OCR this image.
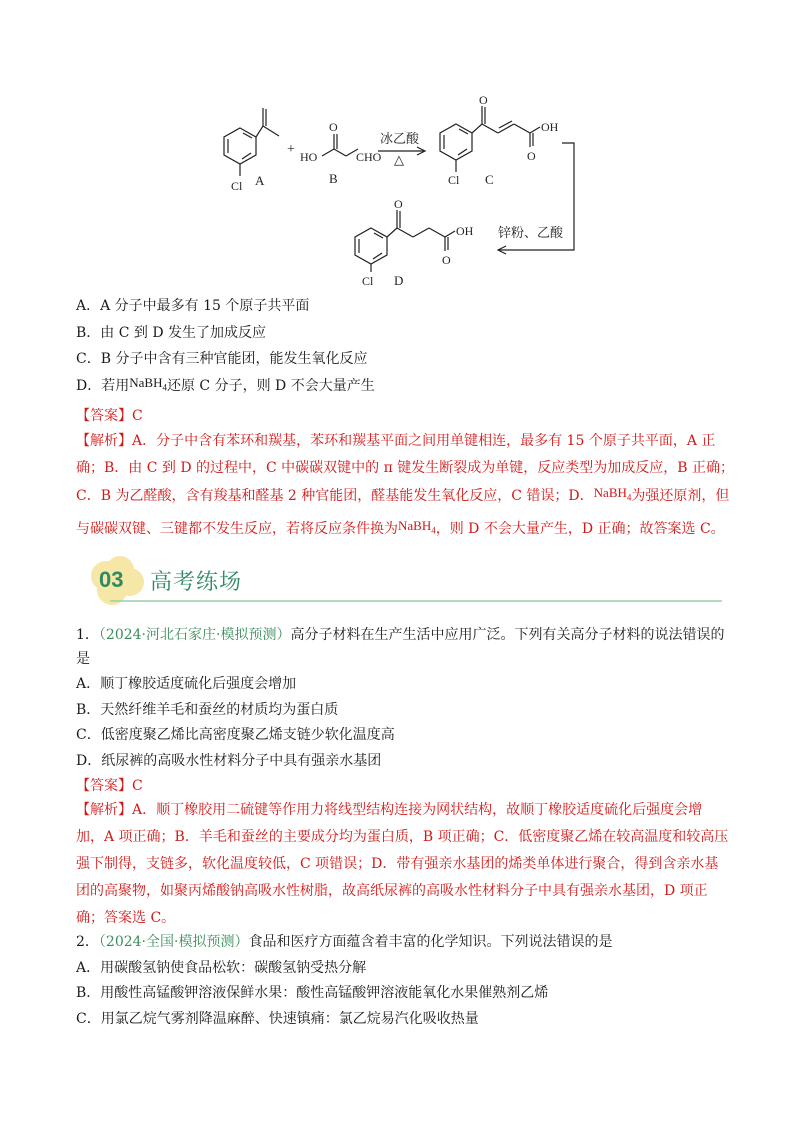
Cl
O
HO	CHO
O
O
OH
Cl
O
O
OH
Cl
A
+
B
冰乙酸
△
C
锌粉、乙酸
D
A．A 分子中最多有 15 个原子共平面
B．由 C 到 D 发生了加成反应
C．B 分子中含有三种官能团，能发生氧化反应
D．若用NaBH$_4$还原 C 分子，则 D 不会大量产生
【答案】C
【解析】A．分子中含有苯环和羰基，苯环和羰基平面之间用单键相连，最多有 15 个原子共平面，A 正
确；B．由 C 到 D 的过程中，C 中碳碳双键中的 π 键发生断裂成为单键，反应类型为加成反应，B 正确；
C．B 为乙醛酸，含有羧基和醛基 2 种官能团，醛基能发生氧化反应，C 错误；D．NaBH$_4$为强还原剂，但
与碳碳双键、三键都不发生反应，若将反应条件换为NaBH$_4$，则 D 不会大量产生，D 正确；故答案选 C。
03 高考练场
1．（2024·河北石家庄·模拟预测）高分子材料在生产生活中应用广泛。下列有关高分子材料的说法错误的
是
A．顺丁橡胶适度硫化后强度会增加
B．天然纤维羊毛和蚕丝的材质均为蛋白质
C．低密度聚乙烯比高密度聚乙烯支链少软化温度高
D．纸尿裤的高吸水性材料分子中具有强亲水基团
【答案】C
【解析】A．顺丁橡胶用二硫键等作用力将线型结构连接为网状结构，故顺丁橡胶适度硫化后强度会增
加，A 项正确；B．羊毛和蚕丝的主要成分均为蛋白质，B 项正确；C．低密度聚乙烯在较高温度和较高压
强下制得，支链多，软化温度较低，C 项错误；D．带有强亲水基团的烯类单体进行聚合，得到含亲水基
团的高聚物，如聚丙烯酸钠高吸水性树脂，故高纸尿裤的高吸水性材料分子中具有强亲水基团，D 项正
确；答案选 C。
2．（2024·全国·模拟预测）食品和医疗方面蕴含着丰富的化学知识。下列说法错误的是
A．用碳酸氢钠使食品松软：碳酸氢钠受热分解
B．用酸性高锰酸钾溶液保鲜水果：酸性高锰酸钾溶液能氧化水果催熟剂乙烯
C．用氯乙烷气雾剂降温麻醉、快速镇痛：氯乙烷易汽化吸收热量
